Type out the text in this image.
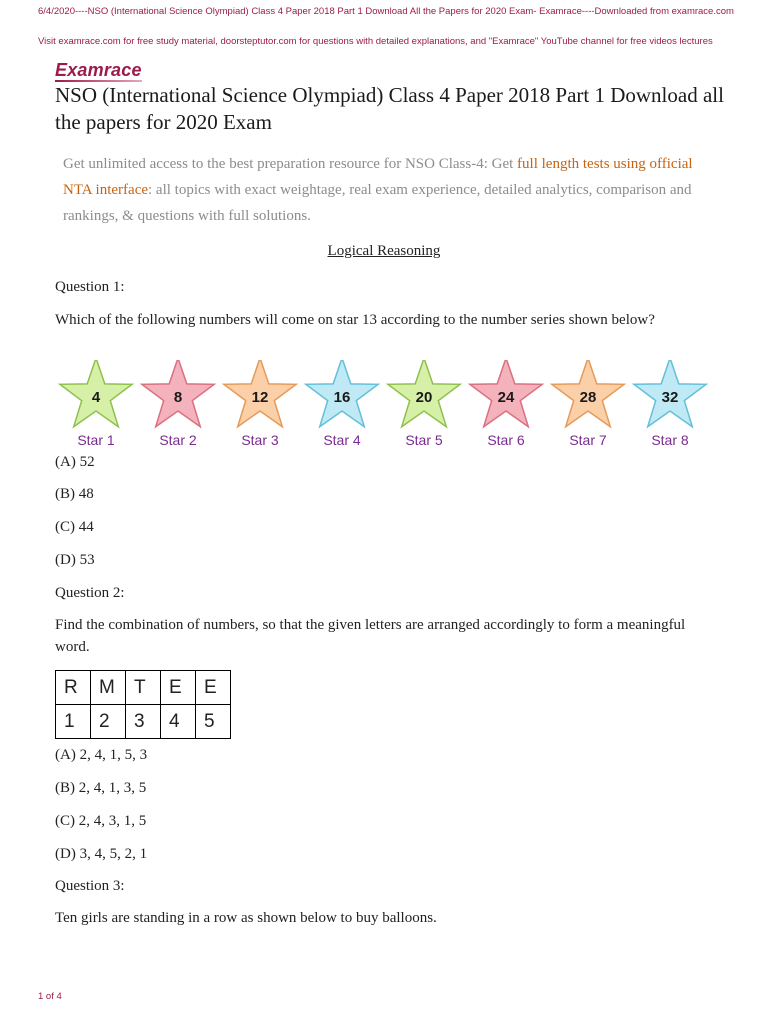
6/4/2020----NSO (International Science Olympiad) Class 4 Paper 2018 Part 1 Download All the Papers for 2020 Exam- Examrace----Downloaded from examrace.com
Visit examrace.com for free study material, doorsteptutor.com for questions with detailed explanations, and "Examrace" YouTube channel for free videos lectures
Examrace
NSO (International Science Olympiad) Class 4 Paper 2018 Part 1 Download all the papers for 2020 Exam
Get unlimited access to the best preparation resource for NSO Class-4: Get full length tests using official NTA interface: all topics with exact weightage, real exam experience, detailed analytics, comparison and rankings, & questions with full solutions.
Logical Reasoning
Question 1:
Which of the following numbers will come on star 13 according to the number series shown below?
4
Star 1
8
Star 2
12
Star 3
16
Star 4
20
Star 5
24
Star 6
28
Star 7
32
Star 8
(A) 52
(B) 48
(C) 44
(D) 53
Question 2:
Find the combination of numbers, so that the given letters are arranged accordingly to form a meaningful word.
R	M	T	E	E
1	2	3	4	5
(A) 2, 4, 1, 5, 3
(B) 2, 4, 1, 3, 5
(C) 2, 4, 3, 1, 5
(D) 3, 4, 5, 2, 1
Question 3:
Ten girls are standing in a row as shown below to buy balloons.
1 of 4
